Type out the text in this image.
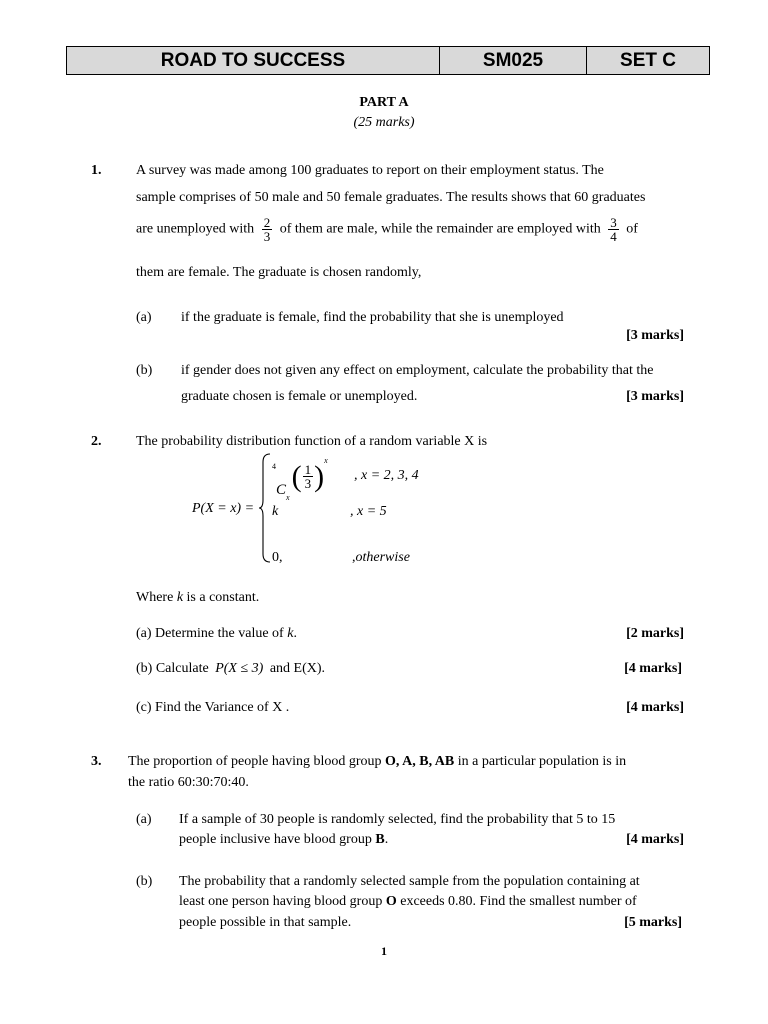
ROAD TO SUCCESS	SM025	SET C
PART A
(25 marks)
1. A survey was made among 100 graduates to report on their employment status. The
sample comprises of 50 male and 50 female graduates. The results shows that 60 graduates
are unemployed with $\frac{2}{3}$ of them are male, while the remainder are employed with $\frac{3}{4}$ of
them are female. The graduate is chosen randomly,
(a) if the graduate is female, find the probability that she is unemployed
[3 marks]
(b) if gender does not given any effect on employment, calculate the probability that the
graduate chosen is female or unemployed.	[3 marks]
2. The probability distribution function of a random variable X is
P(X = x) =
$^4C_x( \frac{1}{3} )^x$
, x = 2, 3, 4
k	, x = 5
0,	,otherwise
Where k is a constant.
(a) Determine the value of k.	[2 marks]
(b) Calculate P(X ≤ 3) and E(X).	[4 marks]
(c) Find the Variance of X .	[4 marks]
3. The proportion of people having blood group O, A, B, AB in a particular population is in
the ratio 60:30:70:40.
(a) If a sample of 30 people is randomly selected, find the probability that 5 to 15
people inclusive have blood group B.	[4 marks]
(b) The probability that a randomly selected sample from the population containing at
least one person having blood group O exceeds 0.80. Find the smallest number of
people possible in that sample.	[5 marks]
1
